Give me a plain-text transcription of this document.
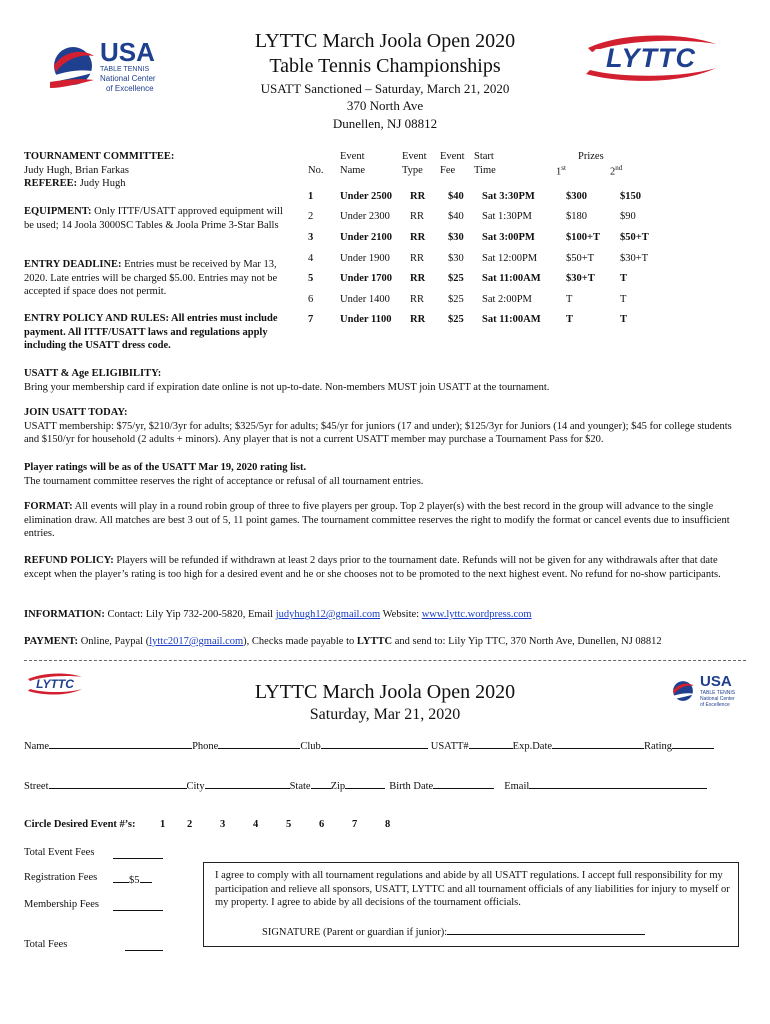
USA
TABLE TENNIS
National Center
of Excellence
LYTTC
LYTTC March Joola Open 2020
Table Tennis Championships
USATT Sanctioned – Saturday, March 21, 2020
370 North Ave
Dunellen, NJ 08812
TOURNAMENT COMMITTEE:
Judy Hugh, Brian Farkas
REFEREE: Judy Hugh
EQUIPMENT: Only ITTF/USATT approved equipment will be used; 14 Joola 3000SC Tables & Joola Prime 3-Star Balls
ENTRY DEADLINE: Entries must be received by Mar 13, 2020. Late entries will be charged $5.00. Entries may not be accepted if space does not permit.
ENTRY POLICY AND RULES: All entries must include payment. All ITTF/USATT laws and regulations apply including the USATT dress code.
Event
No. Name
Event
Type
Event
Fee
Start
Time
Prizes
1st	2nd
1	Under 2500	RR	$40	Sat 3:30PM	$300	$150
2	Under 2300	RR	$40	Sat 1:30PM	$180	$90
3	Under 2100	RR	$30	Sat 3:00PM	$100+T	$50+T
4	Under 1900	RR	$30	Sat 12:00PM	$50+T	$30+T
5	Under 1700	RR	$25	Sat 11:00AM	$30+T	T
6	Under 1400	RR	$25	Sat 2:00PM	T	T
7	Under 1100	RR	$25	Sat 11:00AM	T	T
USATT & Age ELIGIBILITY:
Bring your membership card if expiration date online is not up-to-date. Non-members MUST join USATT at the tournament.
JOIN USATT TODAY:
USATT membership: $75/yr, $210/3yr for adults; $325/5yr for adults; $45/yr for juniors (17 and under); $125/3yr for Juniors (14 and younger); $45 for college students and $150/yr for household (2 adults + minors). Any player that is not a current USATT member may purchase a Tournament Pass for $20.
Player ratings will be as of the USATT Mar 19, 2020 rating list.
The tournament committee reserves the right of acceptance or refusal of all tournament entries.
FORMAT: All events will play in a round robin group of three to five players per group. Top 2 player(s) with the best record in the group will advance to the single elimination draw. All matches are best 3 out of 5, 11 point games. The tournament committee reserves the right to modify the format or cancel events due to insufficient entries.
REFUND POLICY: Players will be refunded if withdrawn at least 2 days prior to the tournament date. Refunds will not be given for any withdrawals after that date except when the player’s rating is too high for a desired event and he or she chooses not to be promoted to the next highest event. No refund for no-show participants.
INFORMATION: Contact: Lily Yip 732-200-5820, Email judyhugh12@gmail.com Website: www.lyttc.wordpress.com
PAYMENT: Online, Paypal (lyttc2017@gmail.com), Checks made payable to LYTTC and send to: Lily Yip TTC, 370 North Ave, Dunellen, NJ 08812
LYTTC	USA
TABLE TENNIS
National Center
of Excellence
LYTTC March Joola Open 2020
Saturday, Mar 21, 2020
Name	Phone	Club	USATT#	Exp.Date	Rating
Street	City	State Zip	Birth Date	Email
Circle Desired Event #’s: 1 2	3	4	5	6	7	8
Total Event Fees
Registration Fees	$5
Membership Fees
Total Fees
I agree to comply with all tournament regulations and abide by all USATT regulations. I accept full responsibility for my participation and relieve all sponsors, USATT, LYTTC and all tournament officials of any liabilities for injury to myself or my property. I agree to abide by all decisions of the tournament officials.
SIGNATURE (Parent or guardian if junior):
